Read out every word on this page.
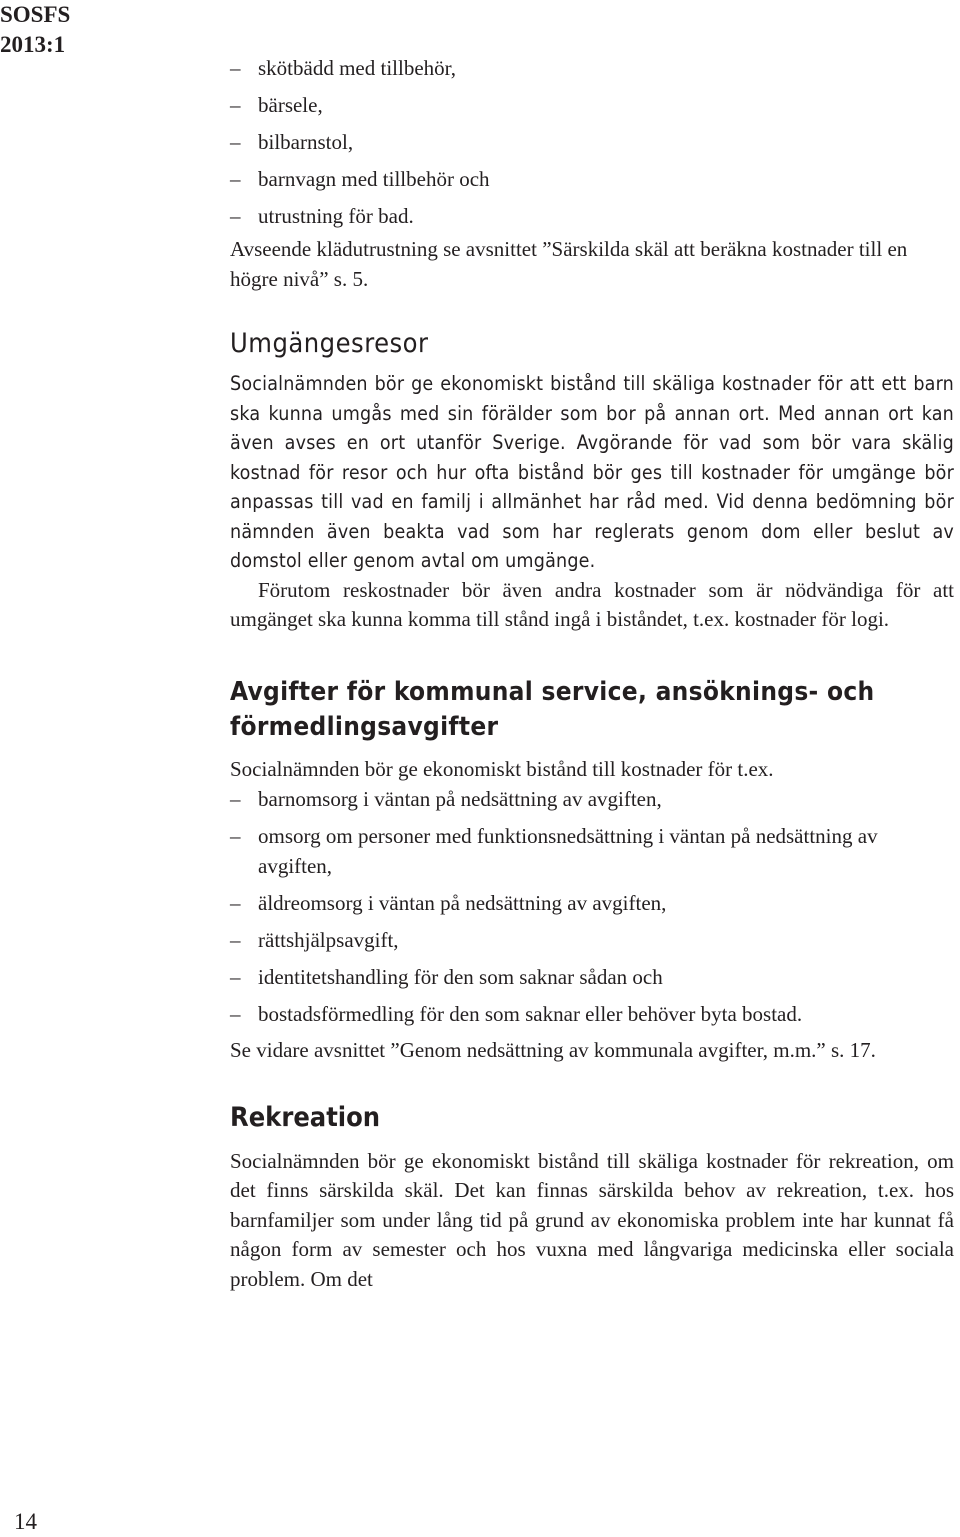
SOSFS
2013:1
– skötbädd med tillbehör,
– bärsele,
– bilbarnstol,
– barnvagn med tillbehör och
– utrustning för bad.

Avseende klädutrustning se avsnittet ”Särskilda skäl att beräkna kostnader till en högre nivå” s. 5.

Umgängesresor

Socialnämnden bör ge ekonomiskt bistånd till skäliga kostnader för att ett barn ska kunna umgås med sin förälder som bor på annan ort. Med annan ort kan även avses en ort utanför Sverige. Avgörande för vad som bör vara skälig kostnad för resor och hur ofta bistånd bör ges till kostnader för umgänge bör anpassas till vad en familj i allmänhet har råd med. Vid denna bedömning bör nämnden även beakta vad som har reglerats genom dom eller beslut av domstol eller genom avtal om umgänge.

Förutom reskostnader bör även andra kostnader som är nödvändiga för att umgänget ska kunna komma till stånd ingå i biståndet, t.ex. kostnader för logi.

Avgifter för kommunal service, ansöknings- och förmedlingsavgifter

Socialnämnden bör ge ekonomiskt bistånd till kostnader för t.ex.

– barnomsorg i väntan på nedsättning av avgiften,
– omsorg om personer med funktionsnedsättning i väntan på nedsättning av avgiften,
– äldreomsorg i väntan på nedsättning av avgiften,
– rättshjälpsavgift,
– identitetshandling för den som saknar sådan och
– bostadsförmedling för den som saknar eller behöver byta bostad.

Se vidare avsnittet ”Genom nedsättning av kommunala avgifter, m.m.” s. 17.

Rekreation

Socialnämnden bör ge ekonomiskt bistånd till skäliga kostnader för rekreation, om det finns särskilda skäl. Det kan finnas särskilda behov av rekreation, t.ex. hos barnfamiljer som under lång tid på grund av ekonomiska problem inte har kunnat få någon form av semester och hos vuxna med långvariga medicinska eller sociala problem. Om det

14
